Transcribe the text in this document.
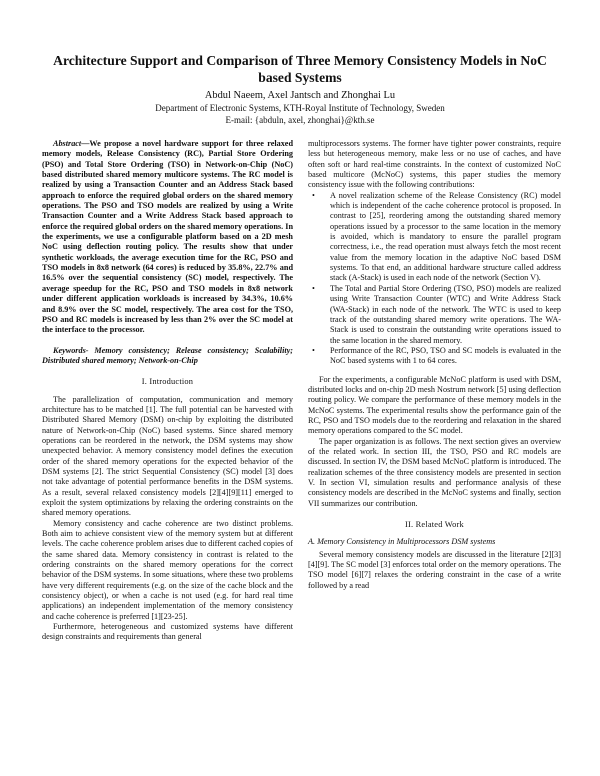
Architecture Support and Comparison of Three Memory Consistency Models in NoC based Systems
Abdul Naeem, Axel Jantsch and Zhonghai Lu
Department of Electronic Systems, KTH-Royal Institute of Technology, Sweden
E-mail: {abduln, axel, zhonghai}@kth.se

Abstract—We propose a novel hardware support for three relaxed memory models, Release Consistency (RC), Partial Store Ordering (PSO) and Total Store Ordering (TSO) in Network-on-Chip (NoC) based distributed shared memory multicore systems. The RC model is realized by using a Transaction Counter and an Address Stack based approach to enforce the required global orders on the shared memory operations. The PSO and TSO models are realized by using a Write Transaction Counter and a Write Address Stack based approach to enforce the required global orders on the shared memory operations. In the experiments, we use a configurable platform based on a 2D mesh NoC using deflection routing policy. The results show that under synthetic workloads, the average execution time for the RC, PSO and TSO models in 8x8 network (64 cores) is reduced by 35.8%, 22.7% and 16.5% over the sequential consistency (SC) model, respectively. The average speedup for the RC, PSO and TSO models in 8x8 network under different application workloads is increased by 34.3%, 10.6% and 8.9% over the SC model, respectively. The area cost for the TSO, PSO and RC models is increased by less than 2% over the SC model at the interface to the processor.

Keywords- Memory consistency; Release consistency; Scalability; Distributed shared memory; Network-on-Chip

I. Introduction

The parallelization of computation, communication and memory architecture has to be matched [1]. The full potential can be harvested with Distributed Shared Memory (DSM) on-chip by exploiting the distributed nature of Network-on-Chip (NoC) based systems. Since shared memory operations can be reordered in the network, the DSM systems may show unexpected behavior. A memory consistency model defines the execution order of the shared memory operations for the expected behavior of the DSM systems [2]. The strict Sequential Consistency (SC) model [3] does not take advantage of potential performance benefits in the DSM systems. As a result, several relaxed consistency models [2][4][9][11] emerged to exploit the system optimizations by relaxing the ordering constraints on the shared memory operations.

Memory consistency and cache coherence are two distinct problems. Both aim to achieve consistent view of the memory system but at different levels. The cache coherence problem arises due to different cached copies of the same shared data. Memory consistency in contrast is related to the ordering constraints on the shared memory operations for the correct behavior of the DSM systems. In some situations, where these two problems have very different requirements (e.g. on the size of the cache block and the consistency object), or when a cache is not used (e.g. for hard real time applications) an independent implementation of the memory consistency and cache coherence is preferred [1][23-25].

Furthermore, heterogeneous and customized systems have different design constraints and requirements than general

multiprocessors systems. The former have tighter power constraints, require less but heterogeneous memory, make less or no use of caches, and have often soft or hard real-time constraints. In the context of customized NoC based multicore (McNoC) systems, this paper studies the memory consistency issue with the following contributions:

• A novel realization scheme of the Release Consistency (RC) model which is independent of the cache coherence protocol is proposed. In contrast to [25], reordering among the outstanding shared memory operations issued by a processor to the same location in the memory is avoided, which is mandatory to ensure the parallel program correctness, i.e., the read operation must always fetch the most recent value from the memory location in the adaptive NoC based DSM systems. To that end, an additional hardware structure called address stack (A-Stack) is used in each node of the network (Section V).
• The Total and Partial Store Ordering (TSO, PSO) models are realized using Write Transaction Counter (WTC) and Write Address Stack (WA-Stack) in each node of the network. The WTC is used to keep track of the outstanding shared memory write operations. The WA-Stack is used to constrain the outstanding write operations issued to the same location in the shared memory.
• Performance of the RC, PSO, TSO and SC models is evaluated in the NoC based systems with 1 to 64 cores.

For the experiments, a configurable McNoC platform is used with DSM, distributed locks and on-chip 2D mesh Nostrum network [5] using deflection routing policy. We compare the performance of these memory models in the McNoC systems. The experimental results show the performance gain of the RC, PSO and TSO models due to the reordering and relaxation in the shared memory operations compared to the SC model.

The paper organization is as follows. The next section gives an overview of the related work. In section III, the TSO, PSO and RC models are discussed. In section IV, the DSM based McNoC platform is introduced. The realization schemes of the three consistency models are presented in section V. In section VI, simulation results and performance analysis of these consistency models are described in the McNoC systems and finally, section VII summarizes our contribution.

II. Related Work

A. Memory Consistency in Multiprocessors DSM systems

Several memory consistency models are discussed in the literature [2][3][4][9]. The SC model [3] enforces total order on the memory operations. The TSO model [6][7] relaxes the ordering constraint in the case of a write followed by a read
